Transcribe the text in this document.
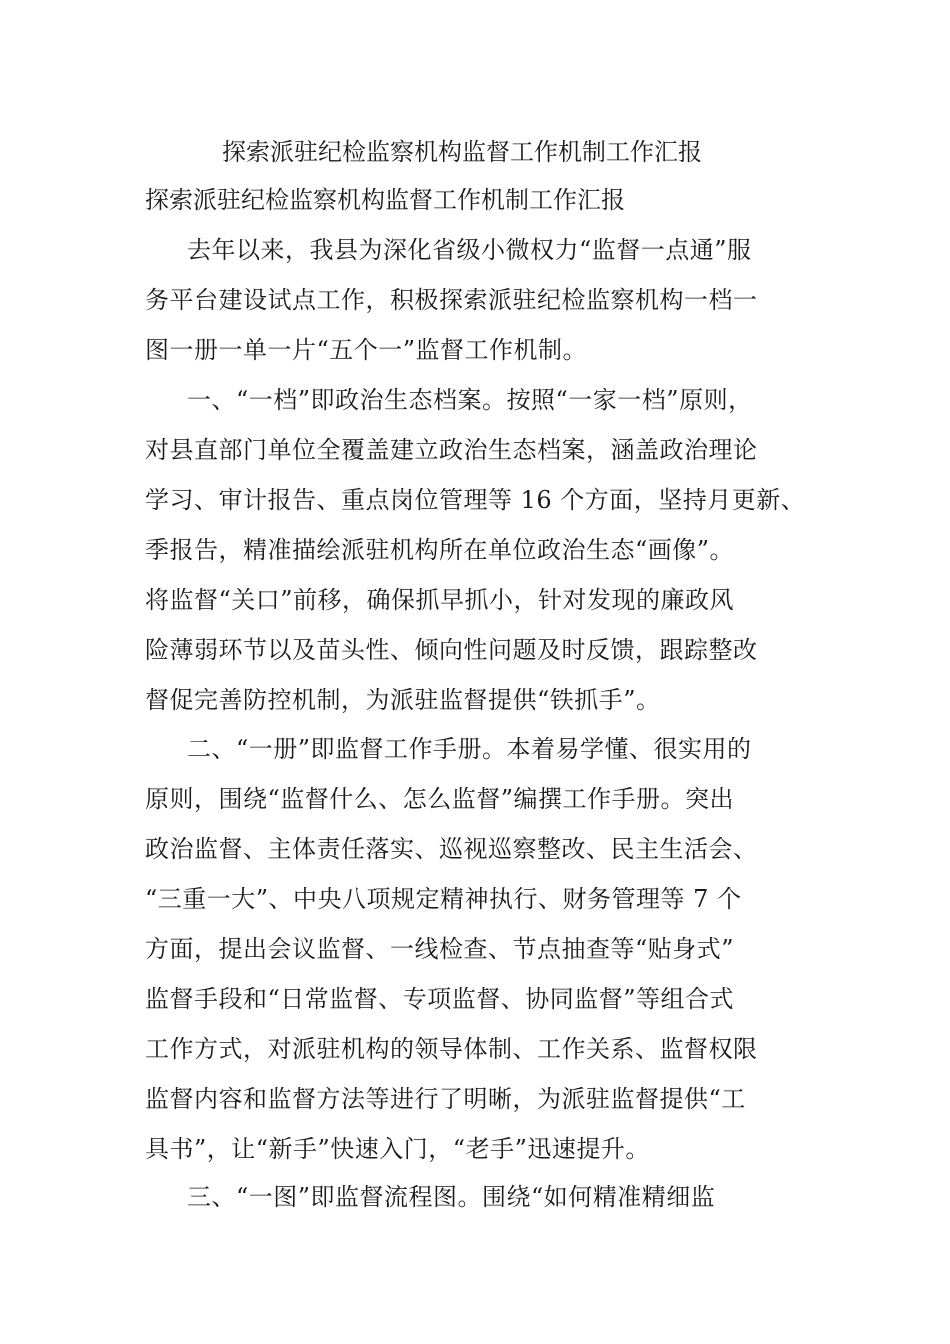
探索派驻纪检监察机构监督工作机制工作汇报
探索派驻纪检监察机构监督工作机制工作汇报
去年以来，我县为深化省级小微权力“监督一点通”服
务平台建设试点工作，积极探索派驻纪检监察机构一档一
图一册一单一片“五个一”监督工作机制。
一、“一档”即政治生态档案。按照“一家一档”原则，
对县直部门单位全覆盖建立政治生态档案，涵盖政治理论
学习、审计报告、重点岗位管理等 16 个方面，坚持月更新、
季报告，精准描绘派驻机构所在单位政治生态“画像”。
将监督“关口”前移，确保抓早抓小，针对发现的廉政风
险薄弱环节以及苗头性、倾向性问题及时反馈，跟踪整改
督促完善防控机制，为派驻监督提供“铁抓手”。
二、“一册”即监督工作手册。本着易学懂、很实用的
原则，围绕“监督什么、怎么监督”编撰工作手册。突出
政治监督、主体责任落实、巡视巡察整改、民主生活会、
“三重一大”、中央八项规定精神执行、财务管理等 7 个
方面，提出会议监督、一线检查、节点抽查等“贴身式”
监督手段和“日常监督、专项监督、协同监督”等组合式
工作方式，对派驻机构的领导体制、工作关系、监督权限
监督内容和监督方法等进行了明晰，为派驻监督提供“工
具书”，让“新手”快速入门，“老手”迅速提升。
三、“一图”即监督流程图。围绕“如何精准精细监
